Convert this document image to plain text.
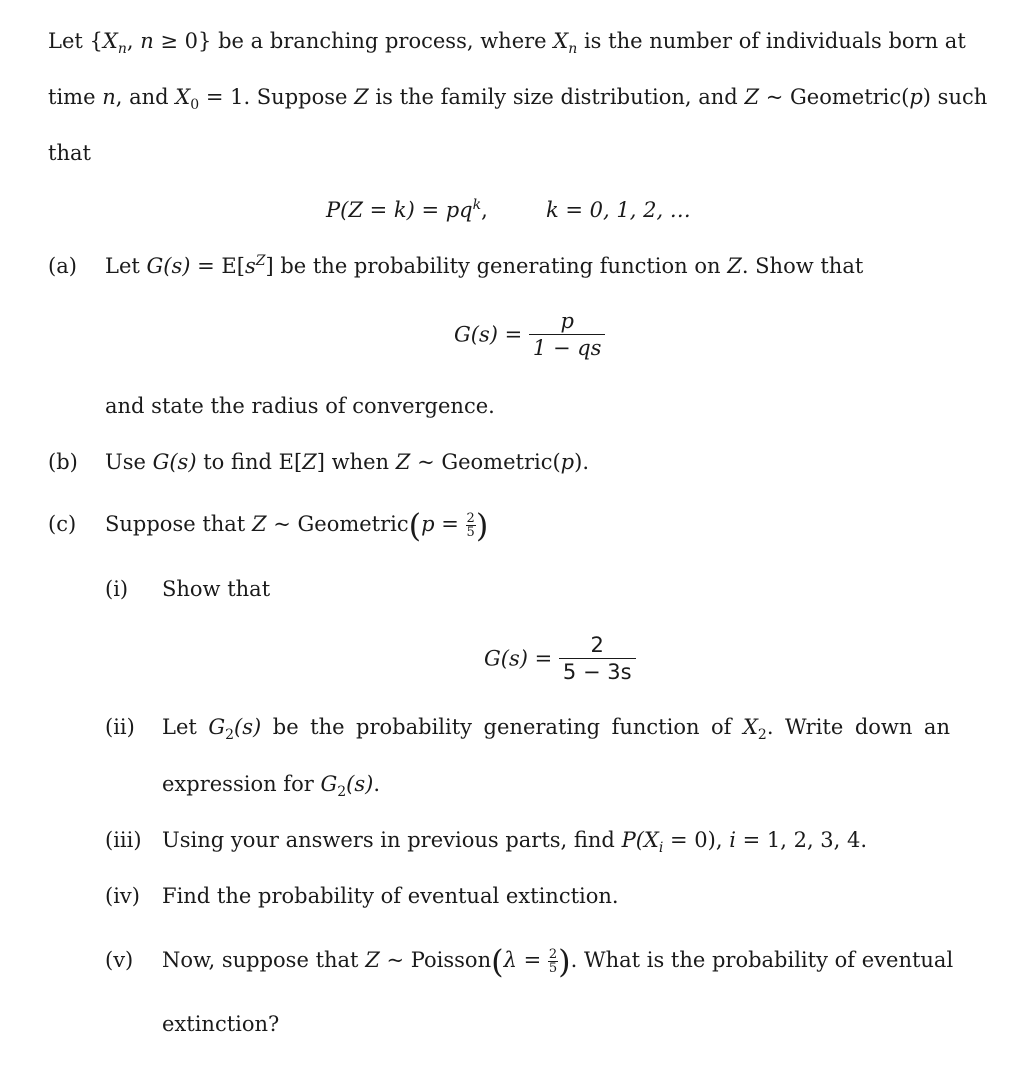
Let {$X_n$, n ≥ 0} be a branching process, where $X_n$ is the number of individuals born at
time n, and $X_0 = 1$. Suppose Z is the family size distribution, and Z ~ Geometric(p) such
that
$P(Z = k) = pq^k$,	k = 0, 1, 2, …
(a) Let $G(s) = E[s^Z]$ be the probability generating function on Z. Show that
$G(s) = \frac{p}{1 - qs}$
and state the radius of convergence.
(b) Use G(s) to find E[Z] when Z ~ Geometric(p).
(c) Suppose that Z ~ Geometric(p = $\frac{2}{5}$ )
(i) Show that
$G(s) = \frac{2}{5 - 3s}$
(ii) Let $G_2(s)$ be the probability generating function of $X_2$. Write down an
expression for $G_2(s)$.
(iii) Using your answers in previous parts, find $P(X_i = 0)$, i = 1, 2, 3, 4.
(iv) Find the probability of eventual extinction.
(v) Now, suppose that Z ~ Poisson(λ = $\frac{2}{5}$ ). What is the probability of eventual
extinction?
